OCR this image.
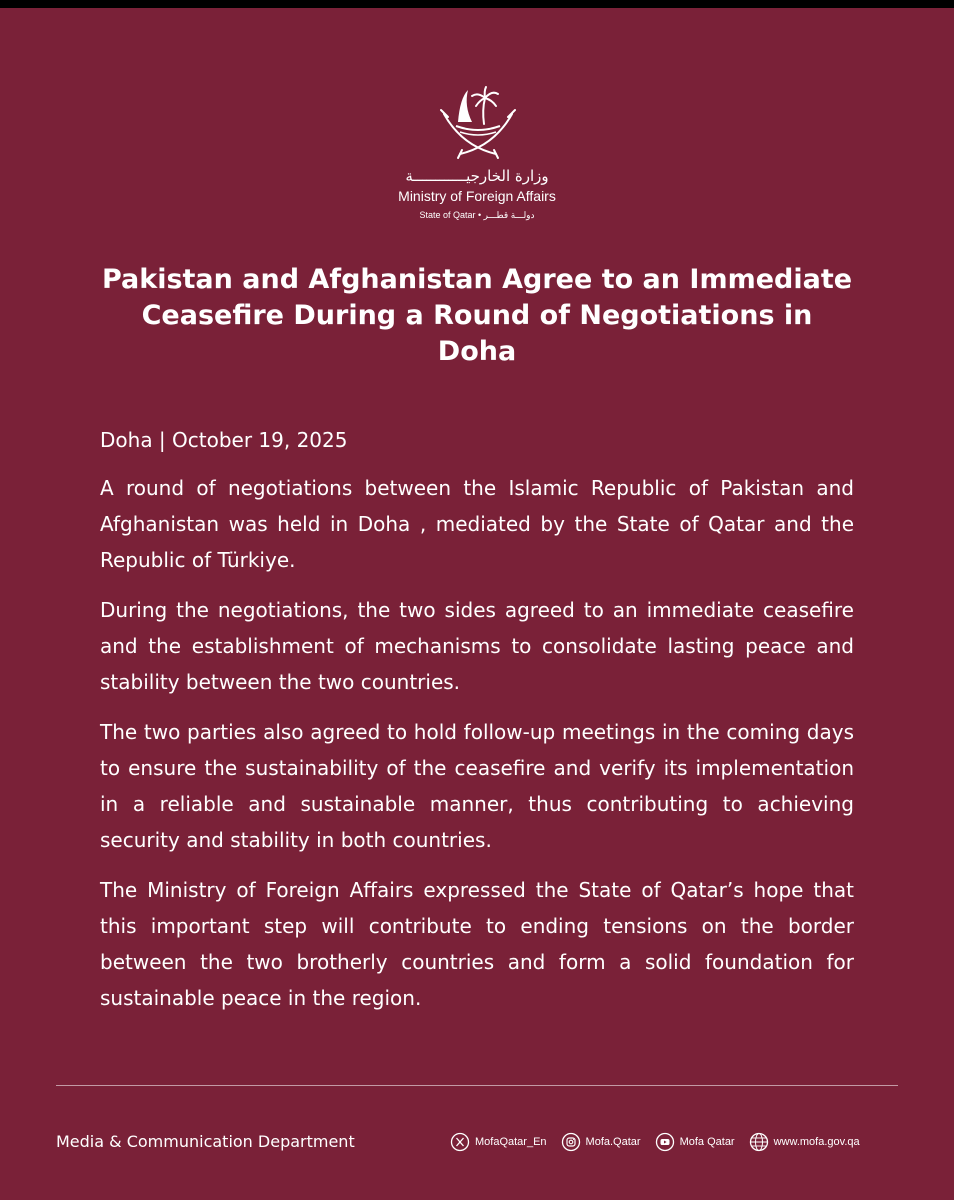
وزارة الخارجيــــــــــــة
Ministry of Foreign Affairs
State of Qatar • دولـــة قطـــر
Pakistan and Afghanistan Agree to an Immediate Ceasefire During a Round of Negotiations in Doha

Doha | October 19, 2025

A round of negotiations between the Islamic Republic of Pakistan and Afghanistan was held in Doha , mediated by the State of Qatar and the Republic of Türkiye.

During the negotiations, the two sides agreed to an immediate ceasefire and the establishment of mechanisms to consolidate lasting peace and stability between the two countries.

The two parties also agreed to hold follow-up meetings in the coming days to ensure the sustainability of the ceasefire and verify its implementation in a reliable and sustainable manner, thus contributing to achieving security and stability in both countries.

The Ministry of Foreign Affairs expressed the State of Qatar’s hope that this important step will contribute to ending tensions on the border between the two brotherly countries and form a solid foundation for sustainable peace in the region.

Media & Communication Department	MofaQatar_En	Mofa.Qatar	Mofa Qatar	www.mofa.gov.qa
